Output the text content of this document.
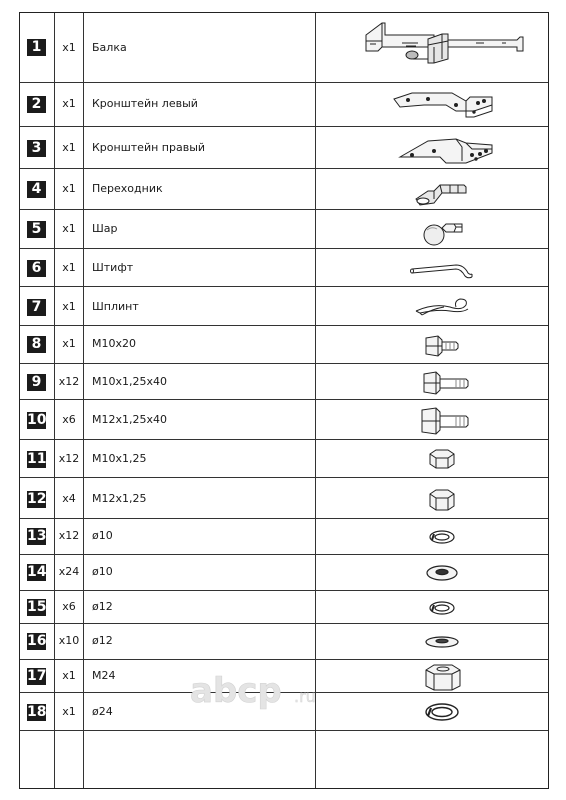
1	x1	Балка
2	x1	Кронштейн левый
3	x1	Кронштейн правый
4	x1	Переходник
5	x1	Шар
6	x1	Штифт
7	x1	Шплинт
8	x1	M10x20
9	x12	M10x1,25x40
10	x6	M12x1,25x40
11	x12	M10x1,25
12	x4	M12x1,25
13	x12	ø10
14	x24	ø10
15	x6	ø12
16	x10	ø12
17	x1	M24
18	x1	ø24
abcp .ru
